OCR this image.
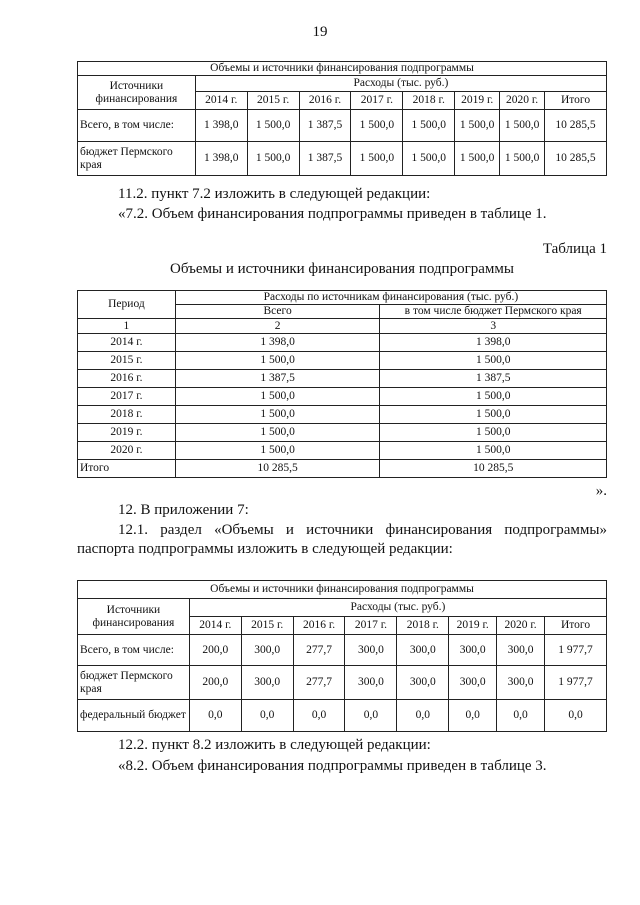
19
Объемы и источники финансирования подпрограммы								
Источники финансирования	Расходы (тыс. руб.)							
	2014 г.	2015 г.	2016 г.	2017 г.	2018 г.	2019 г.	2020 г.	Итого
Всего, в том числе:	1 398,0	1 500,0	1 387,5	1 500,0	1 500,0	1 500,0	1 500,0	10 285,5
бюджет Пермского края	1 398,0	1 500,0	1 387,5	1 500,0	1 500,0	1 500,0	1 500,0	10 285,5
11.2. пункт 7.2 изложить в следующей редакции:
«7.2. Объем финансирования подпрограммы приведен в таблице 1.
Таблица 1
Объемы и источники финансирования подпрограммы
Период	Расходы по источникам финансирования (тыс. руб.)	
	Всего	в том числе бюджет Пермского края
1	2	3
2014 г.	1 398,0	1 398,0
2015 г.	1 500,0	1 500,0
2016 г.	1 387,5	1 387,5
2017 г.	1 500,0	1 500,0
2018 г.	1 500,0	1 500,0
2019 г.	1 500,0	1 500,0
2020 г.	1 500,0	1 500,0
Итого	10 285,5	10 285,5
».
12. В приложении 7:
12.1. раздел «Объемы и источники финансирования подпрограммы»
паспорта подпрограммы изложить в следующей редакции:
Объемы и источники финансирования подпрограммы								
Источники финансирования	Расходы (тыс. руб.)							
	2014 г.	2015 г.	2016 г.	2017 г.	2018 г.	2019 г.	2020 г.	Итого
Всего, в том числе:	200,0	300,0	277,7	300,0	300,0	300,0	300,0	1 977,7
бюджет Пермского края	200,0	300,0	277,7	300,0	300,0	300,0	300,0	1 977,7
федеральный бюджет	0,0	0,0	0,0	0,0	0,0	0,0	0,0	0,0
12.2. пункт 8.2 изложить в следующей редакции:
«8.2. Объем финансирования подпрограммы приведен в таблице 3.
